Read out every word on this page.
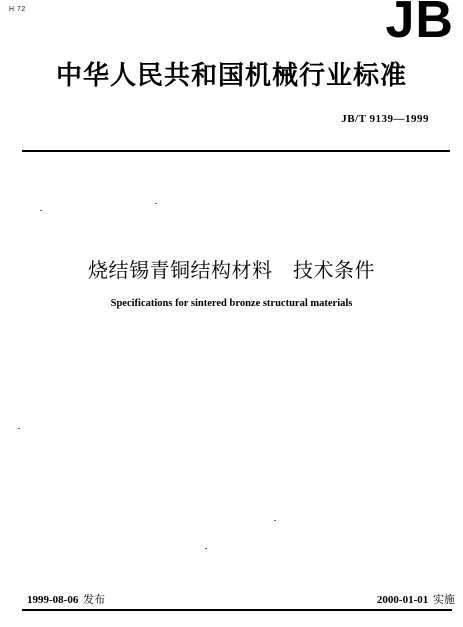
H 72	JB
中华人民共和国机械行业标准
JB/T 9139—1999
烧结锡青铜结构材料　技术条件
Specifications for sintered bronze structural materials
1999-08-06 发布	2000-01-01 实施
